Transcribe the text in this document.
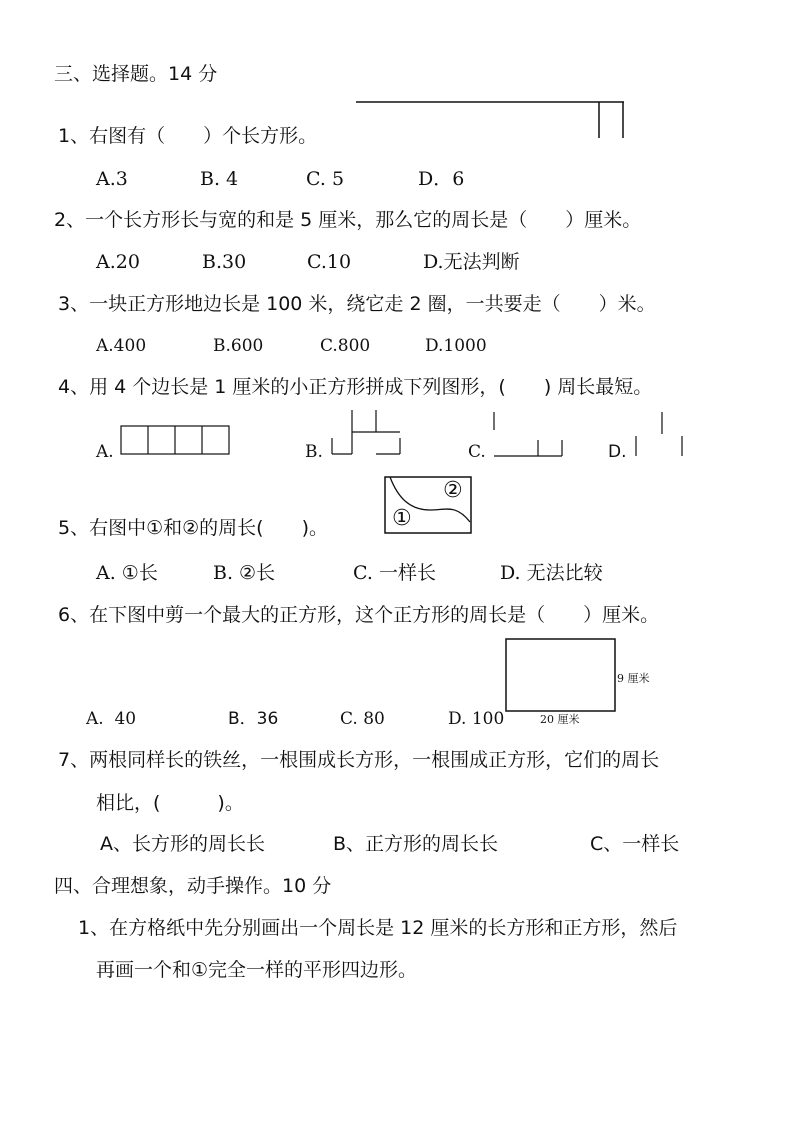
三、选择题。14 分
1、右图有（　　）个长方形。
A.3	B. 4	C. 5	D．6
2、一个长方形长与宽的和是 5 厘米，那么它的周长是（　　）厘米。
A.20	B.30	C.10	D.无法判断
3、一块正方形地边长是 100 米，绕它走 2 圈，一共要走（　　）米。
A.400	B.600	C.800	D.1000
4、用 4 个边长是 1 厘米的小正方形拼成下列图形，(　　) 周长最短。
A.	B.	C.	D.
5、右图中①和②的周长(　　)。
②
①
A. ①长	B. ②长	C. 一样长	D. 无法比较
6、在下图中剪一个最大的正方形，这个正方形的周长是（　　）厘米。
9 厘米
20 厘米
A.  40	B．36	C. 80	D. 100
7、两根同样长的铁丝，一根围成长方形，一根围成正方形，它们的周长
相比，(　　　)。
A、长方形的周长长	B、正方形的周长长	C、一样长
四、合理想象，动手操作。10 分
1、在方格纸中先分别画出一个周长是 12 厘米的长方形和正方形，然后
再画一个和①完全一样的平形四边形。
